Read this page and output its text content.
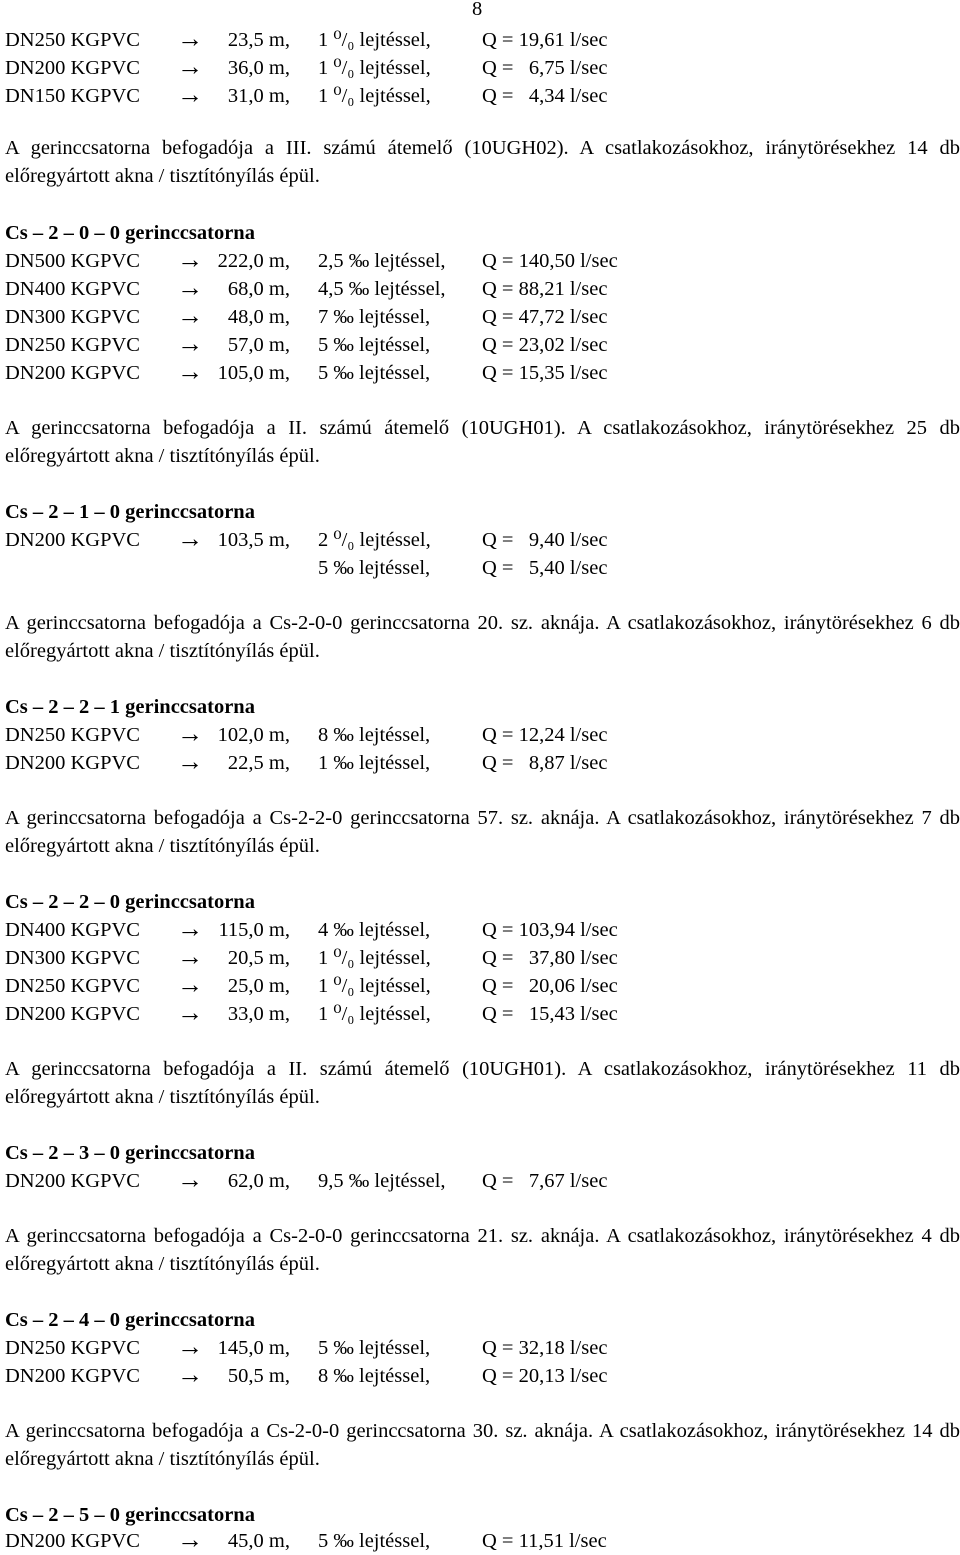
8
DN250 KGPVC →	23,5 m, 1 ⁰/₀ lejtéssel,	Q = 19,61 l/sec
DN200 KGPVC →	36,0 m, 1 ⁰/₀ lejtéssel,	Q =   6,75 l/sec
DN150 KGPVC →	31,0 m, 1 ⁰/₀ lejtéssel,	Q =   4,34 l/sec

A gerinccsatorna befogadója a III. számú átemelő (10UGH02). A csatlakozásokhoz, iránytörésekhez 14 db előregyártott akna / tisztítónyílás épül.

Cs – 2 – 0 – 0 gerinccsatorna
DN500 KGPVC → 222,0 m, 2,5 ‰ lejtéssel, Q = 140,50 l/sec
DN400 KGPVC →	68,0 m, 4,5 ‰ lejtéssel, Q = 88,21 l/sec
DN300 KGPVC →	48,0 m, 7 ‰ lejtéssel,	Q = 47,72 l/sec
DN250 KGPVC →	57,0 m, 5 ‰ lejtéssel,	Q = 23,02 l/sec
DN200 KGPVC → 105,0 m, 5 ‰ lejtéssel,	Q = 15,35 l/sec

A gerinccsatorna befogadója a II. számú átemelő (10UGH01). A csatlakozásokhoz, iránytörésekhez 25 db előregyártott akna / tisztítónyílás épül.

Cs – 2 – 1 – 0 gerinccsatorna
DN200 KGPVC → 103,5 m, 2 ⁰/₀ lejtéssel,	Q =   9,40 l/sec
5 ‰ lejtéssel,	Q =   5,40 l/sec

A gerinccsatorna befogadója a Cs-2-0-0 gerinccsatorna 20. sz. aknája. A csatlakozásokhoz, iránytörésekhez 6 db előregyártott akna / tisztítónyílás épül.

Cs – 2 – 2 – 1 gerinccsatorna
DN250 KGPVC → 102,0 m, 8 ‰ lejtéssel,	Q = 12,24 l/sec
DN200 KGPVC →	22,5 m, 1 ‰ lejtéssel,	Q =   8,87 l/sec

A gerinccsatorna befogadója a Cs-2-2-0 gerinccsatorna 57. sz. aknája. A csatlakozásokhoz, iránytörésekhez 7 db előregyártott akna / tisztítónyílás épül.

Cs – 2 – 2 – 0 gerinccsatorna
DN400 KGPVC → 115,0 m, 4 ‰ lejtéssel,	Q = 103,94 l/sec
DN300 KGPVC →	20,5 m, 1 ⁰/₀ lejtéssel,	Q =   37,80 l/sec
DN250 KGPVC →	25,0 m, 1 ⁰/₀ lejtéssel,	Q =   20,06 l/sec
DN200 KGPVC →	33,0 m, 1 ⁰/₀ lejtéssel,	Q =   15,43 l/sec

A gerinccsatorna befogadója a II. számú átemelő (10UGH01). A csatlakozásokhoz, iránytörésekhez 11 db előregyártott akna / tisztítónyílás épül.

Cs – 2 – 3 – 0 gerinccsatorna
DN200 KGPVC →	62,0 m, 9,5 ‰ lejtéssel, Q =   7,67 l/sec

A gerinccsatorna befogadója a Cs-2-0-0 gerinccsatorna 21. sz. aknája. A csatlakozásokhoz, iránytörésekhez 4 db előregyártott akna / tisztítónyílás épül.

Cs – 2 – 4 – 0 gerinccsatorna
DN250 KGPVC → 145,0 m, 5 ‰ lejtéssel,	Q = 32,18 l/sec
DN200 KGPVC →	50,5 m, 8 ‰ lejtéssel,	Q = 20,13 l/sec

A gerinccsatorna befogadója a Cs-2-0-0 gerinccsatorna 30. sz. aknája. A csatlakozásokhoz, iránytörésekhez 14 db előregyártott akna / tisztítónyílás épül.

Cs – 2 – 5 – 0 gerinccsatorna
DN200 KGPVC →	45,0 m, 5 ‰ lejtéssel,	Q = 11,51 l/sec
